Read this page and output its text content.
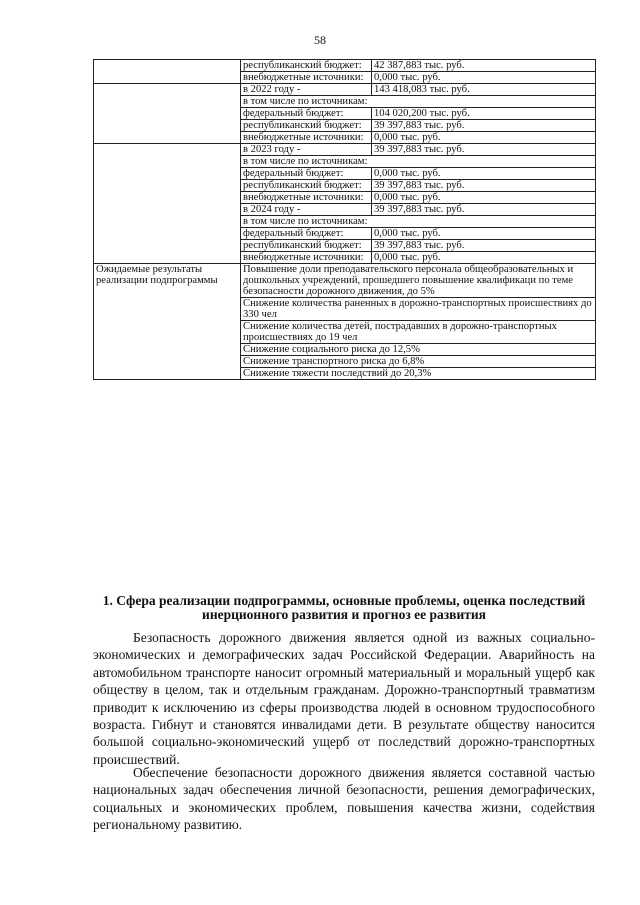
58
	республиканский бюджет:	42 387,883 тыс. руб.
	внебюджетные источники:	0,000 тыс. руб.
	в 2022 году -	143 418,083 тыс. руб.
	в том числе по источникам:	
	федеральный бюджет:	104 020,200 тыс. руб.
	республиканский бюджет:	39 397,883 тыс. руб.
	внебюджетные источники:	0,000 тыс. руб.
	в 2023 году -	39 397,883 тыс. руб.
	в том числе по источникам:	
	федеральный бюджет:	0,000 тыс. руб.
	республиканский бюджет:	39 397,883 тыс. руб.
	внебюджетные источники:	0,000 тыс. руб.
	в 2024 году -	39 397,883 тыс. руб.
	в том числе по источникам:	
	федеральный бюджет:	0,000 тыс. руб.
	республиканский бюджет:	39 397,883 тыс. руб.
	внебюджетные источники:	0,000 тыс. руб.
Ожидаемые результаты реализации подпрограммы	Повышение доли преподавательского персонала общеобразовательных и дошкольных учреждений, прошедшего повышение квалификаци по теме безопасности дорожного движения, до 5%	
	Снижение количества раненных в дорожно-транспортных происшествиях до 330 чел	
	Снижение количества детей, пострадавших в дорожно-транспортных происшествиях до 19 чел	
	Снижение социального риска до 12,5%	
	Снижение транспортного риска до 6,8%	
	Снижение тяжести последствий до 20,3%	
1. Сфера реализации подпрограммы, основные проблемы, оценка последствий инерционного развития и прогноз ее развития

Безопасность дорожного движения является одной из важных социально-экономических и демографических задач Российской Федерации. Аварийность на автомобильном транспорте наносит огромный материальный и моральный ущерб как обществу в целом, так и отдельным гражданам. Дорожно-транспортный травматизм приводит к исключению из сферы производства людей в основном трудоспособного возраста. Гибнут и становятся инвалидами дети. В результате обществу наносится большой социально-экономический ущерб от последствий дорожно-транспортных происшествий.

Обеспечение безопасности дорожного движения является составной частью национальных задач обеспечения личной безопасности, решения демографических, социальных и экономических проблем, повышения качества жизни, содействия региональному развитию.
